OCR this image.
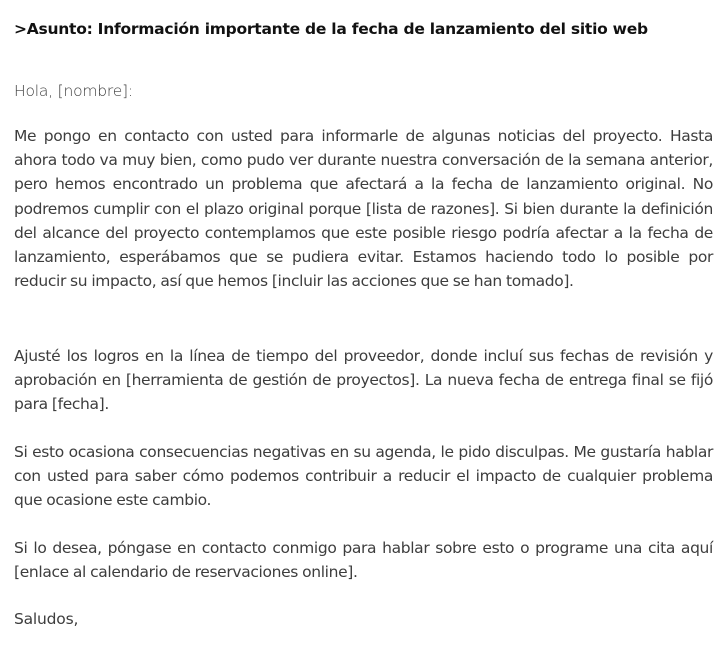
>Asunto: Información importante de la fecha de lanzamiento del sitio web
Hola, [nombre]:

Me pongo en contacto con usted para informarle de algunas noticias del proyecto. Hasta ahora todo va muy bien, como pudo ver durante nuestra conversación de la semana anterior, pero hemos encontrado un problema que afectará a la fecha de lanzamiento original. No podremos cumplir con el plazo original porque [lista de razones]. Si bien durante la definición del alcance del proyecto contemplamos que este posible riesgo podría afectar a la fecha de lanzamiento, esperábamos que se pudiera evitar. Estamos haciendo todo lo posible por reducir su impacto, así que hemos [incluir las acciones que se han tomado].

Ajusté los logros en la línea de tiempo del proveedor, donde incluí sus fechas de revisión y aprobación en [herramienta de gestión de proyectos]. La nueva fecha de entrega final se fijó para [fecha].

Si esto ocasiona consecuencias negativas en su agenda, le pido disculpas. Me gustaría hablar con usted para saber cómo podemos contribuir a reducir el impacto de cualquier problema que ocasione este cambio.

Si lo desea, póngase en contacto conmigo para hablar sobre esto o programe una cita aquí [enlace al calendario de reservaciones online].

Saludos,
